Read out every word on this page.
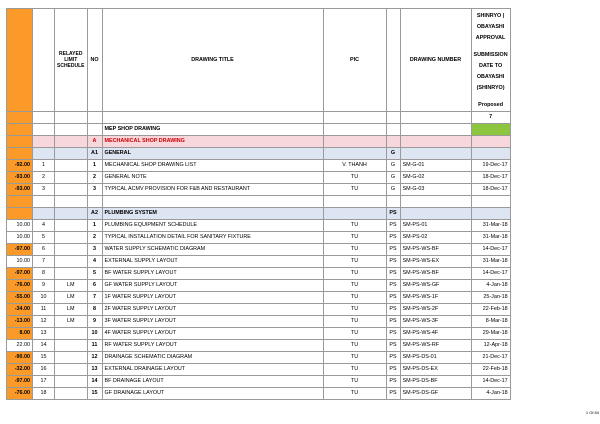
		RELAYED LIMIT SCHEDULE	NO	DRAWING TITLE	PIC		DRAWING NUMBER	SHINRYO | OBAYASHI APPROVAL
SUBMISSION DATE TO OBAYASHI (SHINRYO)
Proposed

								7
				MEP SHOP DRAWING				
			A	MECHANICAL SHOP DRAWING				
			A1	GENERAL		G		
-92.00	1		1	MECHANICAL SHOP DRAWING LIST	V. THANH	G	SM-G-01	19-Dec-17
-93.00	2		2	GENERAL NOTE	TU	G	SM-G-02	18-Dec-17
-93.00	3		3	TYPICAL ACMV PROVISION FOR F&B AND RESTAURANT	TU	G	SM-G-03	18-Dec-17

			A2	PLUMBING SYSTEM		PS		
10.00	4		1	PLUMBING EQUIPMENT SCHEDULE	TU	PS	SM-PS-01	31-Mar-18
10.00	5		2	TYPICAL INSTALLATION DETAIL FOR SANITARY FIXTURE	TU	PS	SM-PS-02	31-Mar-18
-97.00	6		3	WATER SUPPLY SCHEMATIC DIAGRAM	TU	PS	SM-PS-WS-BF	14-Dec-17
10.00	7		4	EXTERNAL SUPPLY LAYOUT	TU	PS	SM-PS-WS-EX	31-Mar-18
-97.00	8		5	BF WATER SUPPLY LAYOUT	TU	PS	SM-PS-WS-BF	14-Dec-17
-76.00	9	LM	6	GF WATER SUPPLY LAYOUT	TU	PS	SM-PS-WS-GF	4-Jan-18
-55.00	10	LM	7	1F WATER SUPPLY LAYOUT	TU	PS	SM-PS-WS-1F	25-Jan-18
-34.00	11	LM	8	2F WATER SUPPLY LAYOUT	TU	PS	SM-PS-WS-2F	22-Feb-18
-13.00	12	LM	9	3F WATER SUPPLY LAYOUT	TU	PS	SM-PS-WS-3F	8-Mar-18
8.00	13		10	4F WATER SUPPLY LAYOUT	TU	PS	SM-PS-WS-4F	29-Mar-18
22.00	14		11	RF WATER SUPPLY LAYOUT	TU	PS	SM-PS-WS-RF	12-Apr-18
-90.00	15		12	DRAINAGE SCHEMATIC DIAGRAM	TU	PS	SM-PS-DS-01	21-Dec-17
-32.00	16		13	EXTERNAL DRAINAGE LAYOUT	TU	PS	SM-PS-DS-EX	22-Feb-18
-97.00	17		14	BF DRAINAGE LAYOUT	TU	PS	SM-PS-DS-BF	14-Dec-17
-76.00	18		15	GF DRAINAGE LAYOUT	TU	PS	SM-PS-DS-GF	4-Jan-18
1 Of 84
